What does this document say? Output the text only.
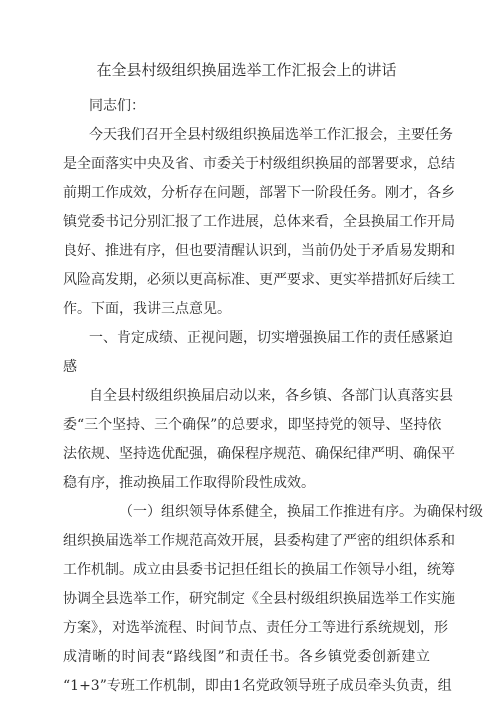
在全县村级组织换届选举工作汇报会上的讲话
同志们：
今天我们召开全县村级组织换届选举工作汇报会，主要任务
是全面落实中央及省、市委关于村级组织换届的部署要求，总结
前期工作成效，分析存在问题，部署下一阶段任务。刚才，各乡
镇党委书记分别汇报了工作进展，总体来看，全县换届工作开局
良好、推进有序，但也要清醒认识到，当前仍处于矛盾易发期和
风险高发期，必须以更高标准、更严要求、更实举措抓好后续工
作。下面，我讲三点意见。
一、肯定成绩、正视问题，切实增强换届工作的责任感紧迫
感
自全县村级组织换届启动以来，各乡镇、各部门认真落实县
委“三个坚持、三个确保”的总要求，即坚持党的领导、坚持依
法依规、坚持选优配强，确保程序规范、确保纪律严明、确保平
稳有序，推动换届工作取得阶段性成效。
（一）组织领导体系健全，换届工作推进有序。为确保村级
组织换届选举工作规范高效开展，县委构建了严密的组织体系和
工作机制。成立由县委书记担任组长的换届工作领导小组，统筹
协调全县选举工作，研究制定《全县村级组织换届选举工作实施
方案》，对选举流程、时间节点、责任分工等进行系统规划，形
成清晰的时间表“路线图”和责任书。各乡镇党委创新建立
“1+3”专班工作机制，即由1名党政领导班子成员牵头负责，组
